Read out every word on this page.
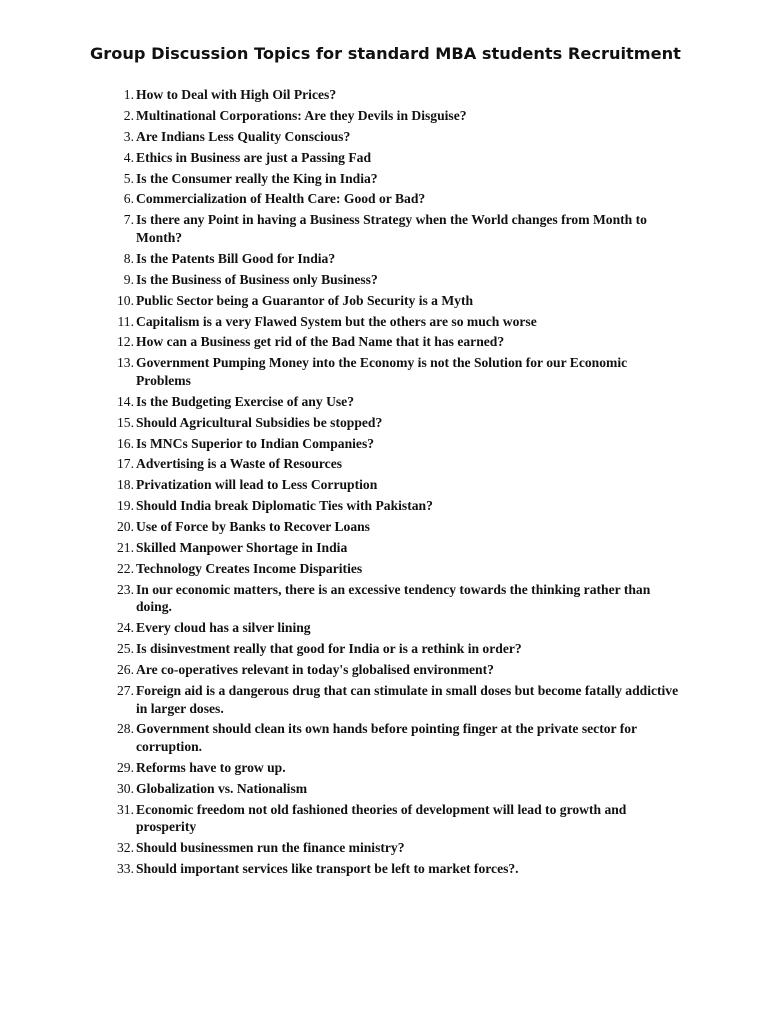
Group Discussion Topics for standard MBA students Recruitment
1. How to Deal with High Oil Prices?
2. Multinational Corporations: Are they Devils in Disguise?
3. Are Indians Less Quality Conscious?
4. Ethics in Business are just a Passing Fad
5. Is the Consumer really the King in India?
6. Commercialization of Health Care: Good or Bad?
7. Is there any Point in having a Business Strategy when the World changes from Month to Month?
8. Is the Patents Bill Good for India?
9. Is the Business of Business only Business?
10. Public Sector being a Guarantor of Job Security is a Myth
11. Capitalism is a very Flawed System but the others are so much worse
12. How can a Business get rid of the Bad Name that it has earned?
13. Government Pumping Money into the Economy is not the Solution for our Economic Problems
14. Is the Budgeting Exercise of any Use?
15. Should Agricultural Subsidies be stopped?
16. Is MNCs Superior to Indian Companies?
17. Advertising is a Waste of Resources
18. Privatization will lead to Less Corruption
19. Should India break Diplomatic Ties with Pakistan?
20. Use of Force by Banks to Recover Loans
21. Skilled Manpower Shortage in India
22. Technology Creates Income Disparities
23. In our economic matters, there is an excessive tendency towards the thinking rather than doing.
24. Every cloud has a silver lining
25. Is disinvestment really that good for India or is a rethink in order?
26. Are co-operatives relevant in today's globalised environment?
27. Foreign aid is a dangerous drug that can stimulate in small doses but become fatally addictive in larger doses.
28. Government should clean its own hands before pointing finger at the private sector for corruption.
29. Reforms have to grow up.
30. Globalization vs. Nationalism
31. Economic freedom not old fashioned theories of development will lead to growth and prosperity
32. Should businessmen run the finance ministry?
33. Should important services like transport be left to market forces?.
